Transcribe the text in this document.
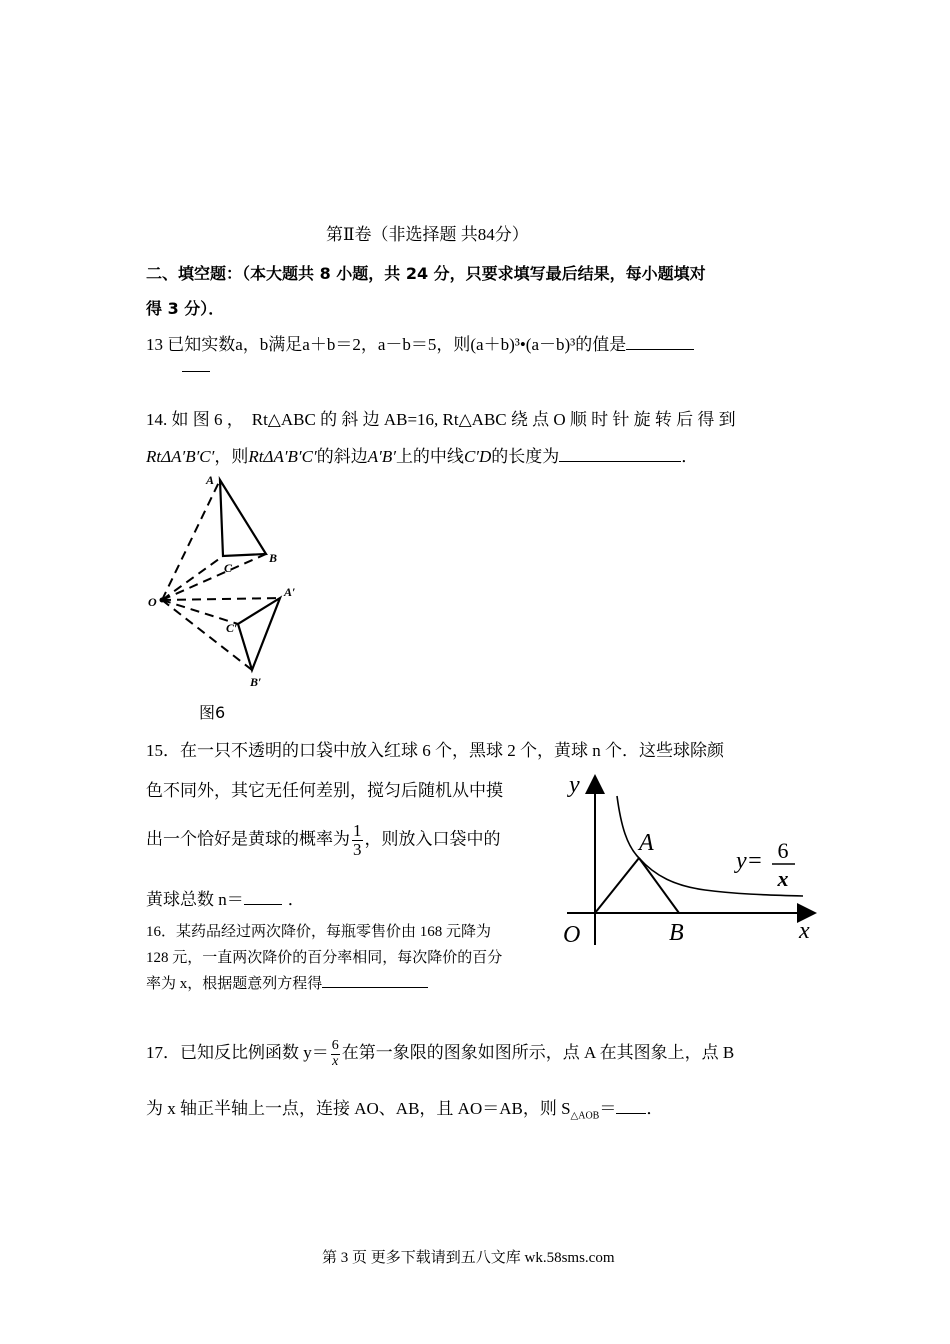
第Ⅱ卷（非选择题 共84分）
二、填空题：（本大题共 8 小题，共 24 分，只要求填写最后结果，每小题填对
得 3 分）．
13 已知实数a，b满足a＋b＝2，a－b＝5，则(a＋b)³•(a－b)³的值是
14. 如 图 6 ， Rt△ABC 的 斜 边 AB=16, Rt△ABC 绕 点 O 顺 时 针 旋 转 后 得 到
RtΔA′B′C′，则RtΔA′B′C′的斜边A′B′上的中线C′D的长度为	．
A
B
C
O
A′
B′
C′
图6
15．在一只不透明的口袋中放入红球 6 个，黑球 2 个，黄球 n 个．这些球除颜
色不同外，其它无任何差别，搅匀后随机从中摸
出一个恰好是黄球的概率为 $\frac{1}{3}$ ，则放入口袋中的
黄球总数 n＝	．
16．某药品经过两次降价，每瓶零售价由 168 元降为
128 元，一直两次降价的百分率相同，每次降价的百分
率为 x，根据题意列方程得
y
x
O
A
B
y= 6
x
17．已知反比例函数 $y= \frac{6}{x}$ 在第一象限的图象如图所示，点 A 在其图象上，点 B
为 x 轴正半轴上一点，连接 AO、AB，且 AO＝AB，则 $S_{\triangle AOB}=$ ．
第 3 页 更多下载请到五八文库 wk.58sms.com
